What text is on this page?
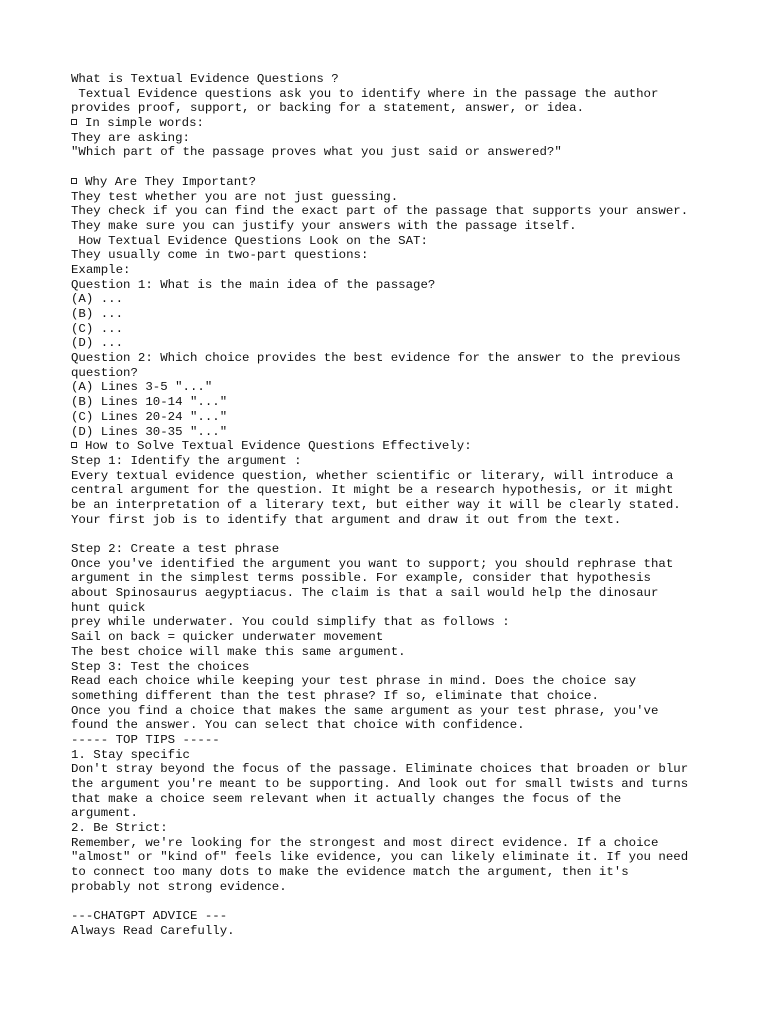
What is Textual Evidence Questions ?
Textual Evidence questions ask you to identify where in the passage the author
provides proof, support, or backing for a statement, answer, or idea.
In simple words:
They are asking:
"Which part of the passage proves what you just said or answered?"
Why Are They Important?
They test whether you are not just guessing.
They check if you can find the exact part of the passage that supports your answer.
They make sure you can justify your answers with the passage itself.
How Textual Evidence Questions Look on the SAT:
They usually come in two-part questions:
Example:
Question 1: What is the main idea of the passage?
(A) ...
(B) ...
(C) ...
(D) ...
Question 2: Which choice provides the best evidence for the answer to the previous
question?
(A) Lines 3-5 "..."
(B) Lines 10-14 "..."
(C) Lines 20-24 "..."
(D) Lines 30-35 "..."
How to Solve Textual Evidence Questions Effectively:
Step 1: Identify the argument :
Every textual evidence question, whether scientific or literary, will introduce a
central argument for the question. It might be a research hypothesis, or it might
be an interpretation of a literary text, but either way it will be clearly stated.
Your first job is to identify that argument and draw it out from the text.
Step 2: Create a test phrase
Once you've identified the argument you want to support; you should rephrase that
argument in the simplest terms possible. For example, consider that hypothesis
about Spinosaurus aegyptiacus. The claim is that a sail would help the dinosaur
hunt quick
prey while underwater. You could simplify that as follows :
Sail on back = quicker underwater movement
The best choice will make this same argument.
Step 3: Test the choices
Read each choice while keeping your test phrase in mind. Does the choice say
something different than the test phrase? If so, eliminate that choice.
Once you find a choice that makes the same argument as your test phrase, you've
found the answer. You can select that choice with confidence.
----- TOP TIPS -----
1. Stay specific
Don't stray beyond the focus of the passage. Eliminate choices that broaden or blur
the argument you're meant to be supporting. And look out for small twists and turns
that make a choice seem relevant when it actually changes the focus of the
argument.
2. Be Strict:
Remember, we're looking for the strongest and most direct evidence. If a choice
"almost" or "kind of" feels like evidence, you can likely eliminate it. If you need
to connect too many dots to make the evidence match the argument, then it's
probably not strong evidence.
---CHATGPT ADVICE ---
Always Read Carefully.
